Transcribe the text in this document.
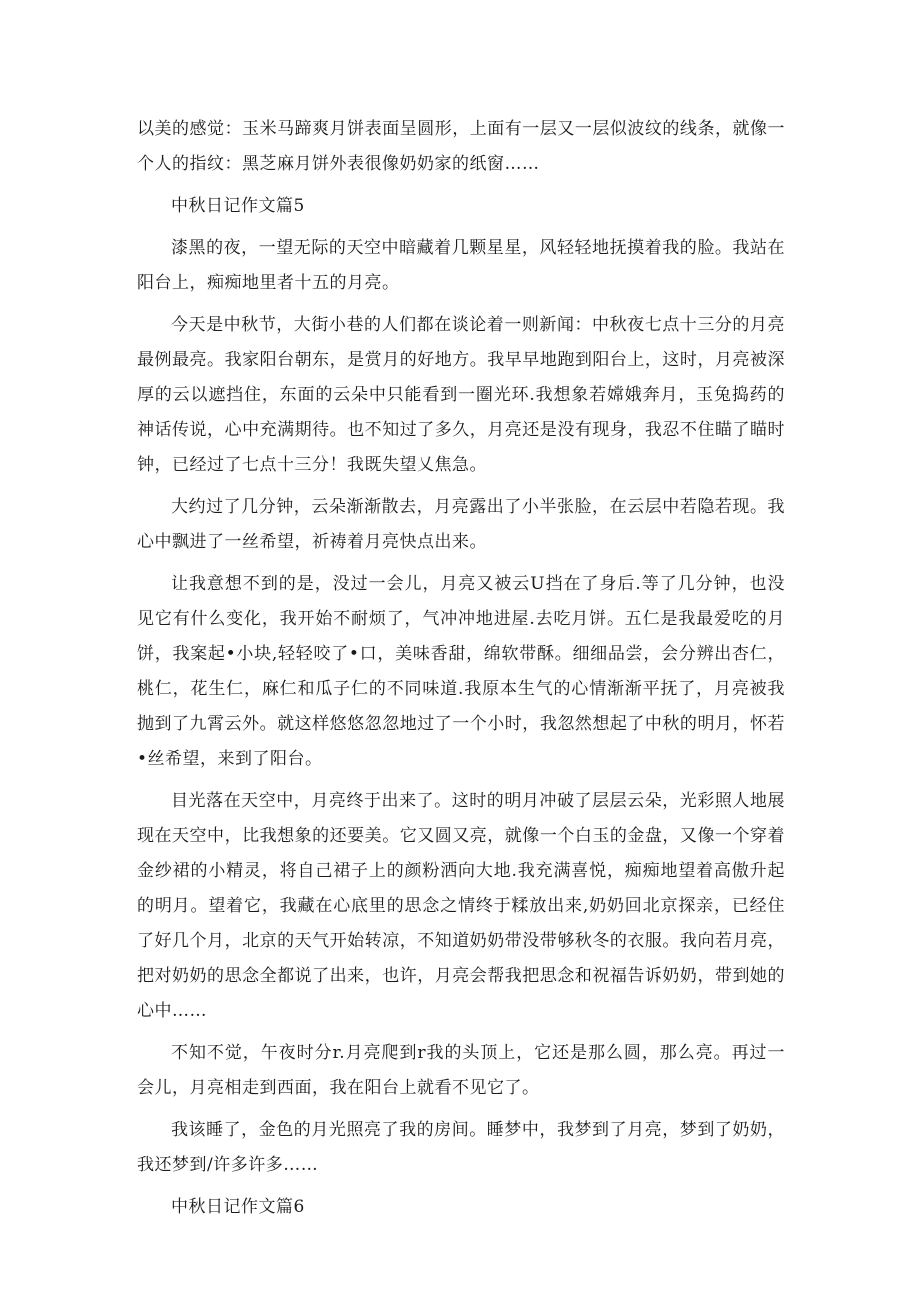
以美的感觉：玉米马蹄爽月饼表面呈圆形，上面有一层又一层似波纹的线条，就像一个人的指纹：黑芝麻月饼外表很像奶奶家的纸窗……

中秋日记作文篇5

漆黑的夜，一望无际的天空中暗藏着几颗星星，风轻轻地抚摸着我的脸。我站在阳台上，痴痴地里者十五的月亮。

今天是中秋节，大街小巷的人们都在谈论着一则新闻：中秋夜七点十三分的月亮最例最亮。我家阳台朝东，是赏月的好地方。我早早地跑到阳台上，这时，月亮被深厚的云以遮挡住，东面的云朵中只能看到一圈光环.我想象若嫦娥奔月，玉兔捣药的神话传说，心中充满期待。也不知过了多久，月亮还是没有现身，我忍不住瞄了瞄时钟，已经过了七点十三分！我既失望乂焦急。

大约过了几分钟，云朵渐渐散去，月亮露出了小半张脸，在云层中若隐若现。我心中飘进了一丝希望，祈祷着月亮快点出来。

让我意想不到的是，没过一会儿，月亮又被云U挡在了身后.等了几分钟，也没见它有什么变化，我开始不耐烦了，气冲冲地进屋.去吃月饼。五仁是我最爱吃的月饼，我案起•小块,轻轻咬了•口，美味香甜，绵软带酥。细细品尝，会分辨出杏仁，桃仁，花生仁，麻仁和瓜子仁的不同味道.我原本生气的心情渐渐平抚了，月亮被我抛到了九霄云外。就这样悠悠忽忽地过了一个小时，我忽然想起了中秋的明月，怀若•丝希望，来到了阳台。

目光落在天空中，月亮终于出来了。这时的明月冲破了层层云朵，光彩照人地展现在天空中，比我想象的还要美。它又圆又亮，就像一个白玉的金盘，又像一个穿着金纱裙的小精灵，将自己裙子上的颜粉洒向大地.我充满喜悦，痴痴地望着高傲升起的明月。望着它，我藏在心底里的思念之情终于糅放出来,奶奶回北京探亲，已经住了好几个月，北京的天气开始转凉，不知道奶奶带没带够秋冬的衣服。我向若月亮，把对奶奶的思念全都说了出来，也许，月亮会帮我把思念和祝福告诉奶奶，带到她的心中……

不知不觉，午夜时分r.月亮爬到r我的头顶上，它还是那么圆，那么亮。再过一会儿，月亮相走到西面，我在阳台上就看不见它了。

我该睡了，金色的月光照亮了我的房间。睡梦中，我梦到了月亮，梦到了奶奶，我还梦到/许多许多……

中秋日记作文篇6
